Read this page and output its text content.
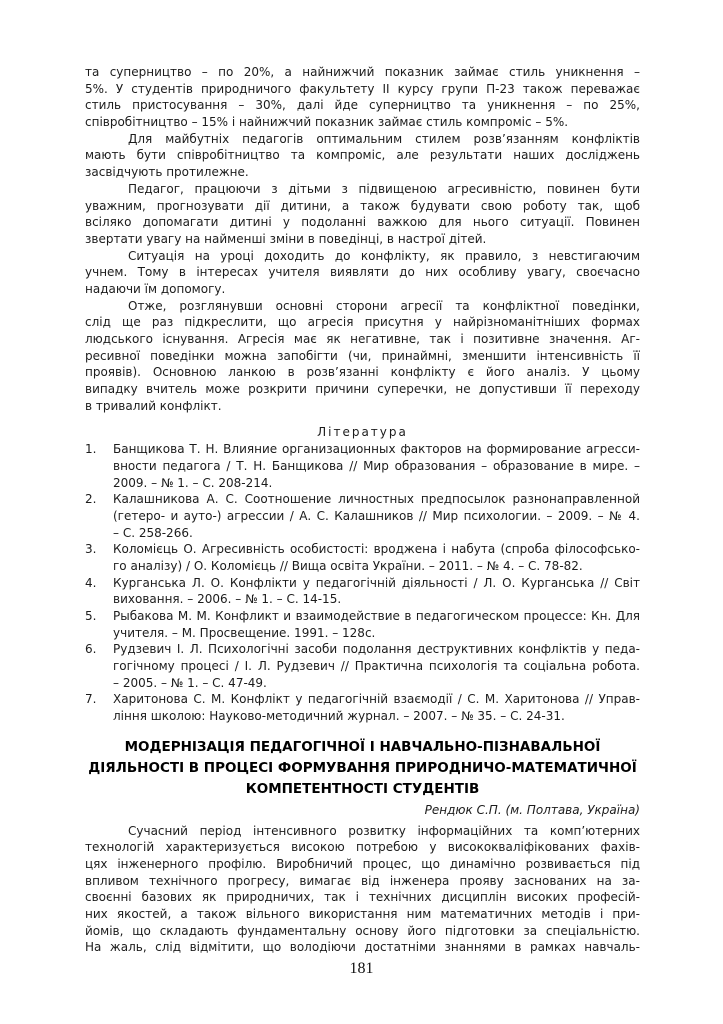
та суперництво – по 20%, а найнижчий показник займає стиль уникнення –
5%. У студентів природничого факультету II курсу групи П-23 також переважає
стиль пристосування – 30%, далі йде суперництво та уникнення – по 25%,
співробітництво – 15% і найнижчий показник займає стиль компроміс – 5%.
Для майбутніх педагогів оптимальним стилем розв’язанням конфліктів
мають бути співробітництво та компроміс, але результати наших досліджень
засвідчують протилежне.
Педагог, працюючи з дітьми з підвищеною агресивністю, повинен бути
уважним, прогнозувати дії дитини, а також будувати свою роботу так, щоб
всіляко допомагати дитині у подоланні важкою для нього ситуації. Повинен
звертати увагу на найменші зміни в поведінці, в настрої дітей.
Ситуація на уроці доходить до конфлікту, як правило, з невстигаючим
учнем. Тому в інтересах учителя виявляти до них особливу увагу, своєчасно
надаючи їм допомогу.
Отже, розглянувши основні сторони агресії та конфліктної поведінки,
слід ще раз підкреслити, що агресія присутня у найрізноманітніших формах
людського існування. Агресія має як негативне, так і позитивне значення. Аг-
ресивної поведінки можна запобігти (чи, принаймні, зменшити інтенсивність її
проявів). Основною ланкою в розв’язанні конфлікту є його аналіз. У цьому
випадку вчитель може розкрити причини суперечки, не допустивши її переходу
в тривалий конфлікт.
Література
1. Банщикова Т. Н. Влияние организационных факторов на формирование агресси-
вности педагога / Т. Н. Банщикова // Мир образования – образование в мире. –
2009. – № 1. – С. 208-214.
2. Калашникова А. С. Соотношение личностных предпосылок разнонаправленной
(гетеро- и ауто-) агрессии / А. С. Калашников // Мир психологии. – 2009. – № 4.
– С. 258-266.
3. Коломієць О. Агресивність особистості: вроджена і набута (спроба філософсько-
го аналізу) / О. Коломієць // Вища освіта України. – 2011. – № 4. – С. 78-82.
4. Курганська Л. О. Конфлікти у педагогічній діяльності / Л. О. Курганська // Світ
виховання. – 2006. – № 1. – С. 14-15.
5. Рыбакова М. М. Конфликт и взаимодействие в педагогическом процессе: Кн. Для
учителя. – М. Просвещение. 1991. – 128с.
6. Рудзевич І. Л. Психологічні засоби подолання деструктивних конфліктів у педа-
гогічному процесі / І. Л. Рудзевич // Практична психологія та соціальна робота.
– 2005. – № 1. – С. 47-49.
7. Харитонова С. М. Конфлікт у педагогічній взаємодії / С. М. Харитонова // Управ-
ління школою: Науково-методичний журнал. – 2007. – № 35. – С. 24-31.
МОДЕРНІЗАЦІЯ ПЕДАГОГІЧНОЇ І НАВЧАЛЬНО-ПІЗНАВАЛЬНОЇ
ДІЯЛЬНОСТІ В ПРОЦЕСІ ФОРМУВАННЯ ПРИРОДНИЧО-МАТЕМАТИЧНОЇ
КОМПЕТЕНТНОСТІ СТУДЕНТІВ
Рендюк С.П. (м. Полтава, Україна)
Сучасний період інтенсивного розвитку інформаційних та комп’ютерних
технологій характеризується високою потребою у висококваліфікованих фахів-
цях інженерного профілю. Виробничий процес, що динамічно розвивається під
впливом технічного прогресу, вимагає від інженера прояву заснованих на за-
своєнні базових як природничих, так і технічних дисциплін високих професій-
них якостей, а також вільного використання ним математичних методів і при-
йомів, що складають фундаментальну основу його підготовки за спеціальністю.
На жаль, слід відмітити, що володіючи достатніми знаннями в рамках навчаль-
181
